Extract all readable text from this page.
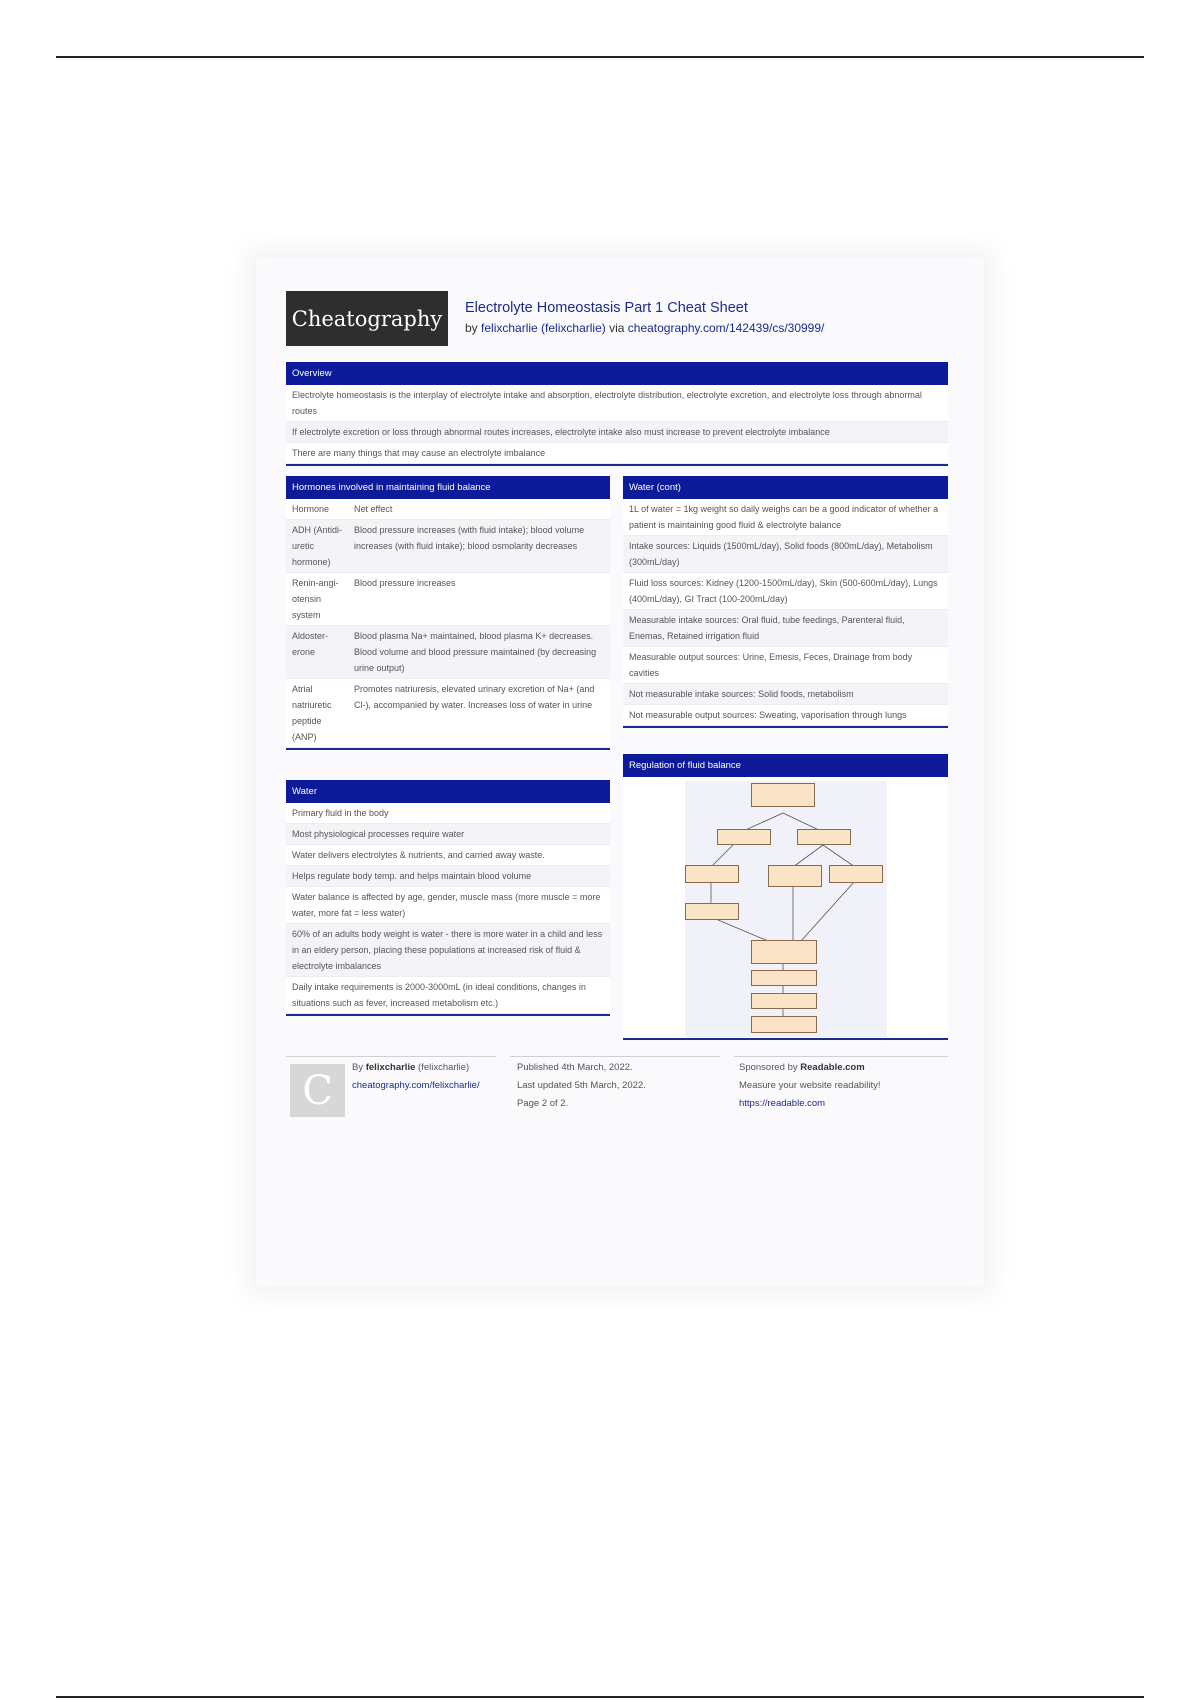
Cheatography Electrolyte Homeostasis Part 1 Cheat Sheet
by felixcharlie (felixcharlie) via cheatography.com/142439/cs/30999/
Overview
Electrolyte homeostasis is the interplay of electrolyte intake and absorption, electrolyte distribution, electrolyte excretion, and electrolyte loss through abnormal routes
If electrolyte excretion or loss through abnormal routes increases, electrolyte intake also must increase to prevent electrolyte imbalance
There are many things that may cause an electrolyte imbalance
Hormones involved in maintaining fluid balance
Hormone	Net effect
ADH (Antidi-uretic hormone)
Blood pressure increases (with fluid intake); blood volume increases (with fluid intake); blood osmolarity decreases
Renin-angi-otensin system
Blood pressure increases
Aldoster-erone
Blood plasma Na+ maintained, blood plasma K+ decreases. Blood volume and blood pressure maintained (by decreasing urine output)
Atrial natriuretic peptide (ANP)
Promotes natriuresis, elevated urinary excretion of Na+ (and Cl-), accompanied by water. Increases loss of water in urine
Water
Primary fluid in the body
Most physiological processes require water
Water delivers electrolytes & nutrients, and carried away waste.
Helps regulate body temp. and helps maintain blood volume
Water balance is affected by age, gender, muscle mass (more muscle = more water, more fat = less water)
60% of an adults body weight is water - there is more water in a child and less in an eldery person, placing these populations at increased risk of fluid & electrolyte imbalances
Daily intake requirements is 2000-3000mL (in ideal conditions, changes in situations such as fever, increased metabolism etc.)
Water (cont)
1L of water = 1kg weight so daily weighs can be a good indicator of whether a patient is maintaining good fluid & electrolyte balance
Intake sources: Liquids (1500mL/day), Solid foods (800mL/day), Metabolism (300mL/day)
Fluid loss sources: Kidney (1200-1500mL/day), Skin (500-600mL/day), Lungs (400mL/day), GI Tract (100-200mL/day)
Measurable intake sources: Oral fluid, tube feedings, Parenteral fluid, Enemas, Retained irrigation fluid
Measurable output sources: Urine, Emesis, Feces, Drainage from body cavities
Not measurable intake sources: Solid foods, metabolism
Not measurable output sources: Sweating, vaporisation through lungs
Regulation of fluid balance
C By felixcharlie (felixcharlie)
cheatography.com/felixcharlie/
Published 4th March, 2022.
Last updated 5th March, 2022.
Page 2 of 2.
Sponsored by Readable.com
Measure your website readability!
https://readable.com
